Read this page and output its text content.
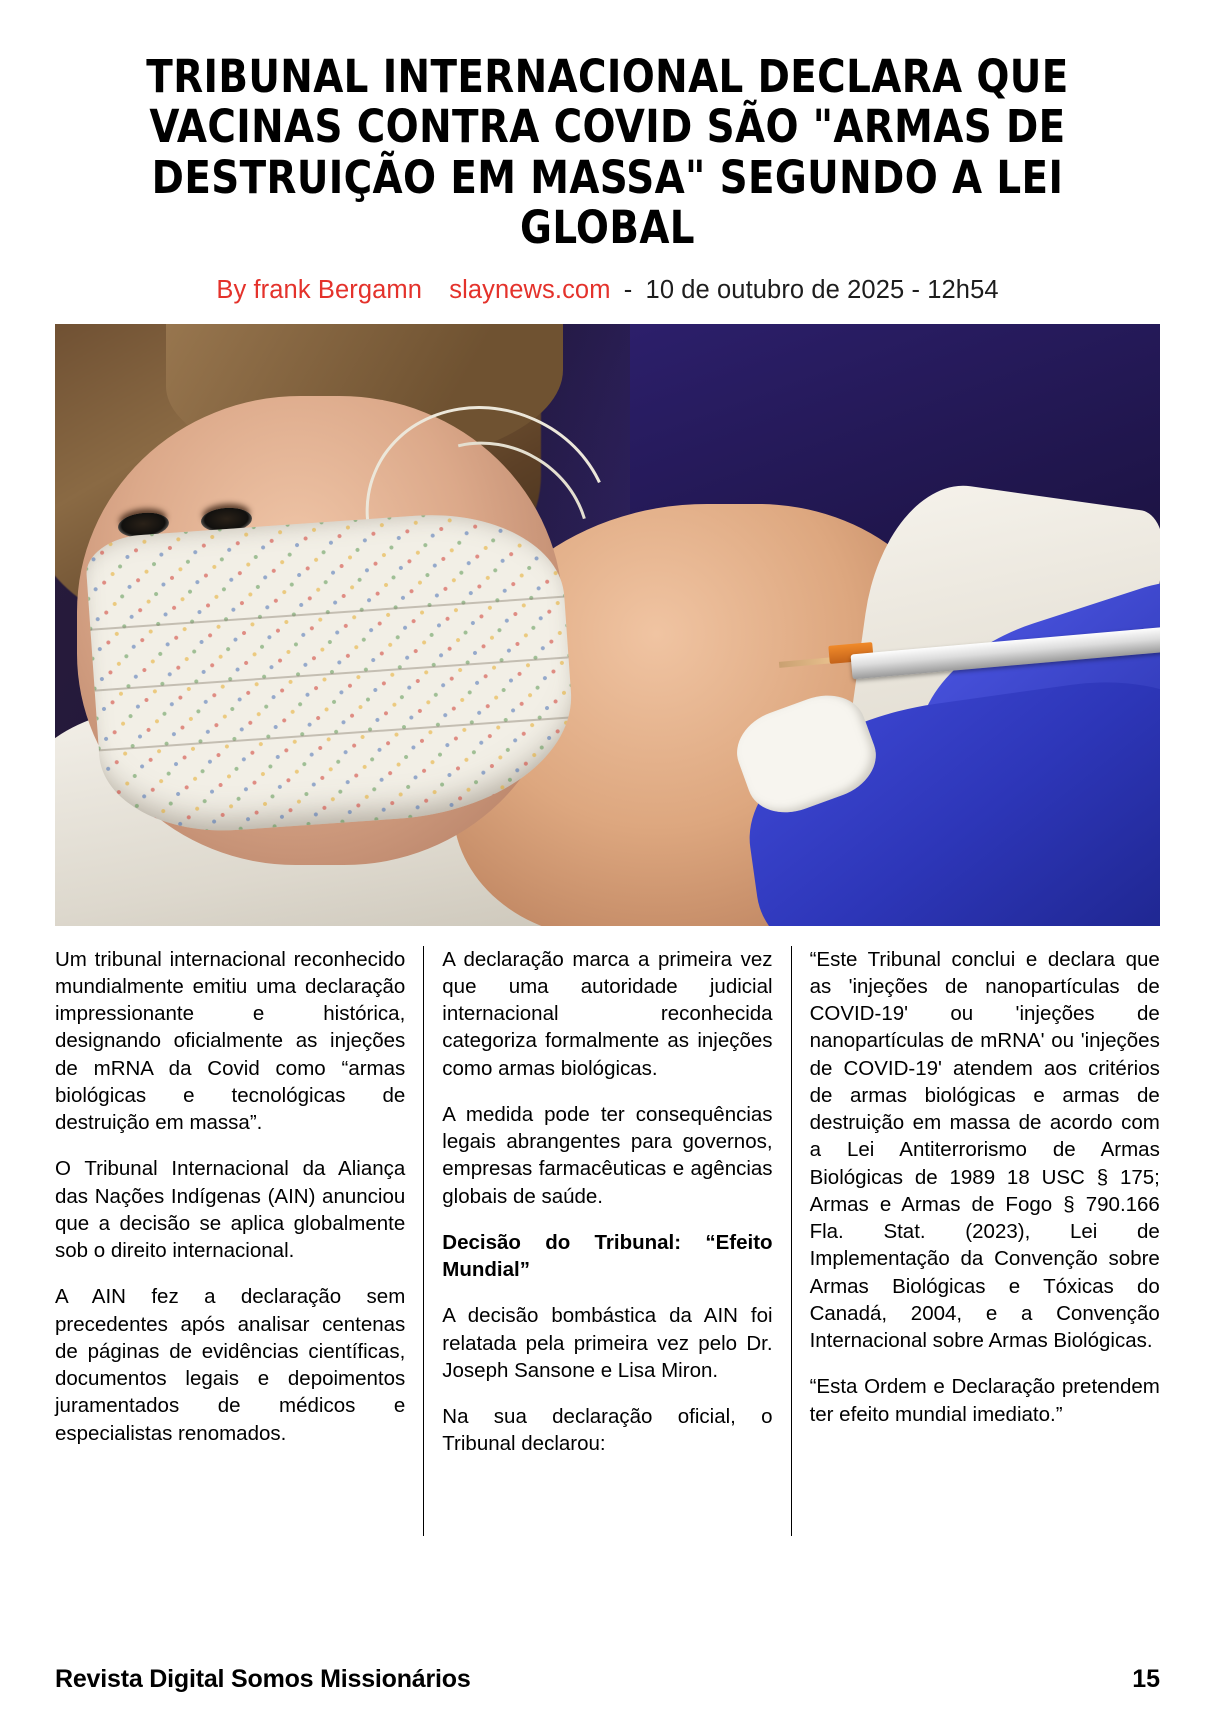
TRIBUNAL INTERNACIONAL DECLARA QUE VACINAS CONTRA COVID SÃO "ARMAS DE DESTRUIÇÃO EM MASSA" SEGUNDO A LEI GLOBAL
By frank Bergamn slaynews.com - 10 de outubro de 2025 - 12h54

Um tribunal internacional reconhecido mundialmente emitiu uma declaração impressionante e histórica, designando oficialmente as injeções de mRNA da Covid como “armas biológicas e tecnológicas de destruição em massa”.

O Tribunal Internacional da Aliança das Nações Indígenas (AIN) anunciou que a decisão se aplica globalmente sob o direito internacional.

A AIN fez a declaração sem precedentes após analisar centenas de páginas de evidências científicas, documentos legais e depoimentos juramentados de médicos e especialistas renomados.

A declaração marca a primeira vez que uma autoridade judicial internacional reconhecida categoriza formalmente as injeções como armas biológicas.

A medida pode ter consequências legais abrangentes para governos, empresas farmacêuticas e agências globais de saúde.

Decisão do Tribunal: “Efeito Mundial”

A decisão bombástica da AIN foi relatada pela primeira vez pelo Dr. Joseph Sansone e Lisa Miron.

Na sua declaração oficial, o Tribunal declarou:

“Este Tribunal conclui e declara que as 'injeções de nanopartículas de COVID-19' ou 'injeções de nanopartículas de mRNA' ou 'injeções de COVID-19' atendem aos critérios de armas biológicas e armas de destruição em massa de acordo com a Lei Antiterrorismo de Armas Biológicas de 1989 18 USC § 175; Armas e Armas de Fogo § 790.166 Fla. Stat. (2023), Lei de Implementação da Convenção sobre Armas Biológicas e Tóxicas do Canadá, 2004, e a Convenção Internacional sobre Armas Biológicas.

“Esta Ordem e Declaração pretendem ter efeito mundial imediato.”

Revista Digital Somos Missionários	15
